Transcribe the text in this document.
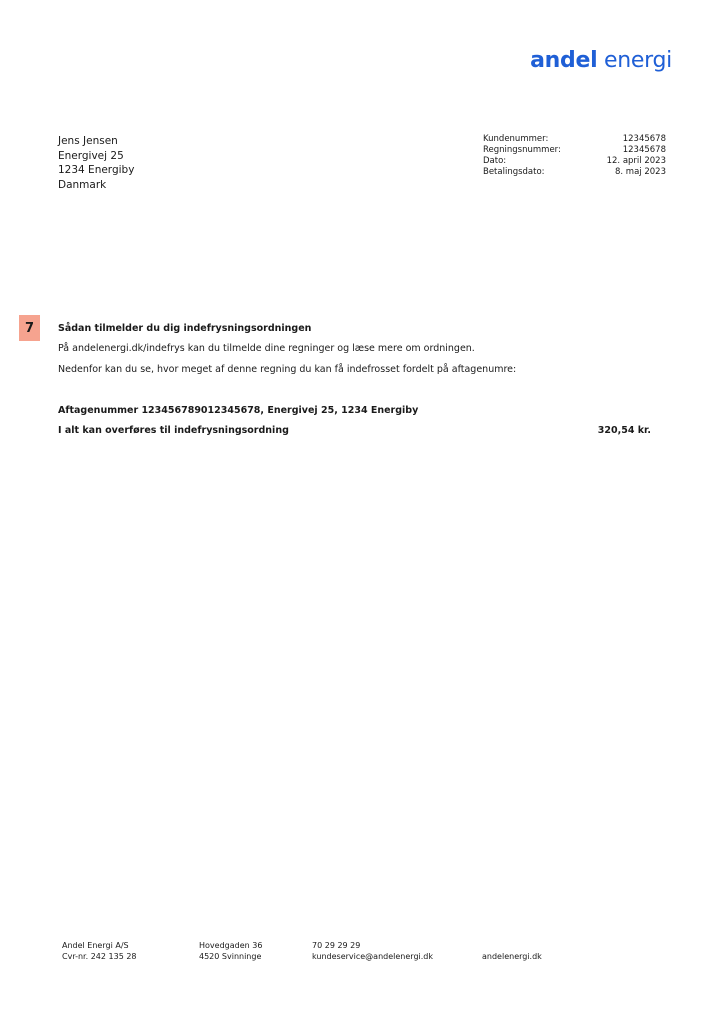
andel energi
Jens Jensen
Energivej 25
1234 Energiby
Danmark
Kundenummer:	12345678
Regningsnummer:	12345678
Dato:	12. april 2023
Betalingsdato:	8. maj 2023
7	Sådan tilmelder du dig indefrysningsordningen
På andelenergi.dk/indefrys kan du tilmelde dine regninger og læse mere om ordningen.
Nedenfor kan du se, hvor meget af denne regning du kan få indefrosset fordelt på aftagenumre:
Aftagenummer 123456789012345678, Energivej 25, 1234 Energiby
I alt kan overføres til indefrysningsordning	320,54 kr.
Andel Energi A/S
Cvr-nr. 242 135 28
Hovedgaden 36
4520 Svinninge
70 29 29 29
kundeservice@andelenergi.dk	andelenergi.dk
